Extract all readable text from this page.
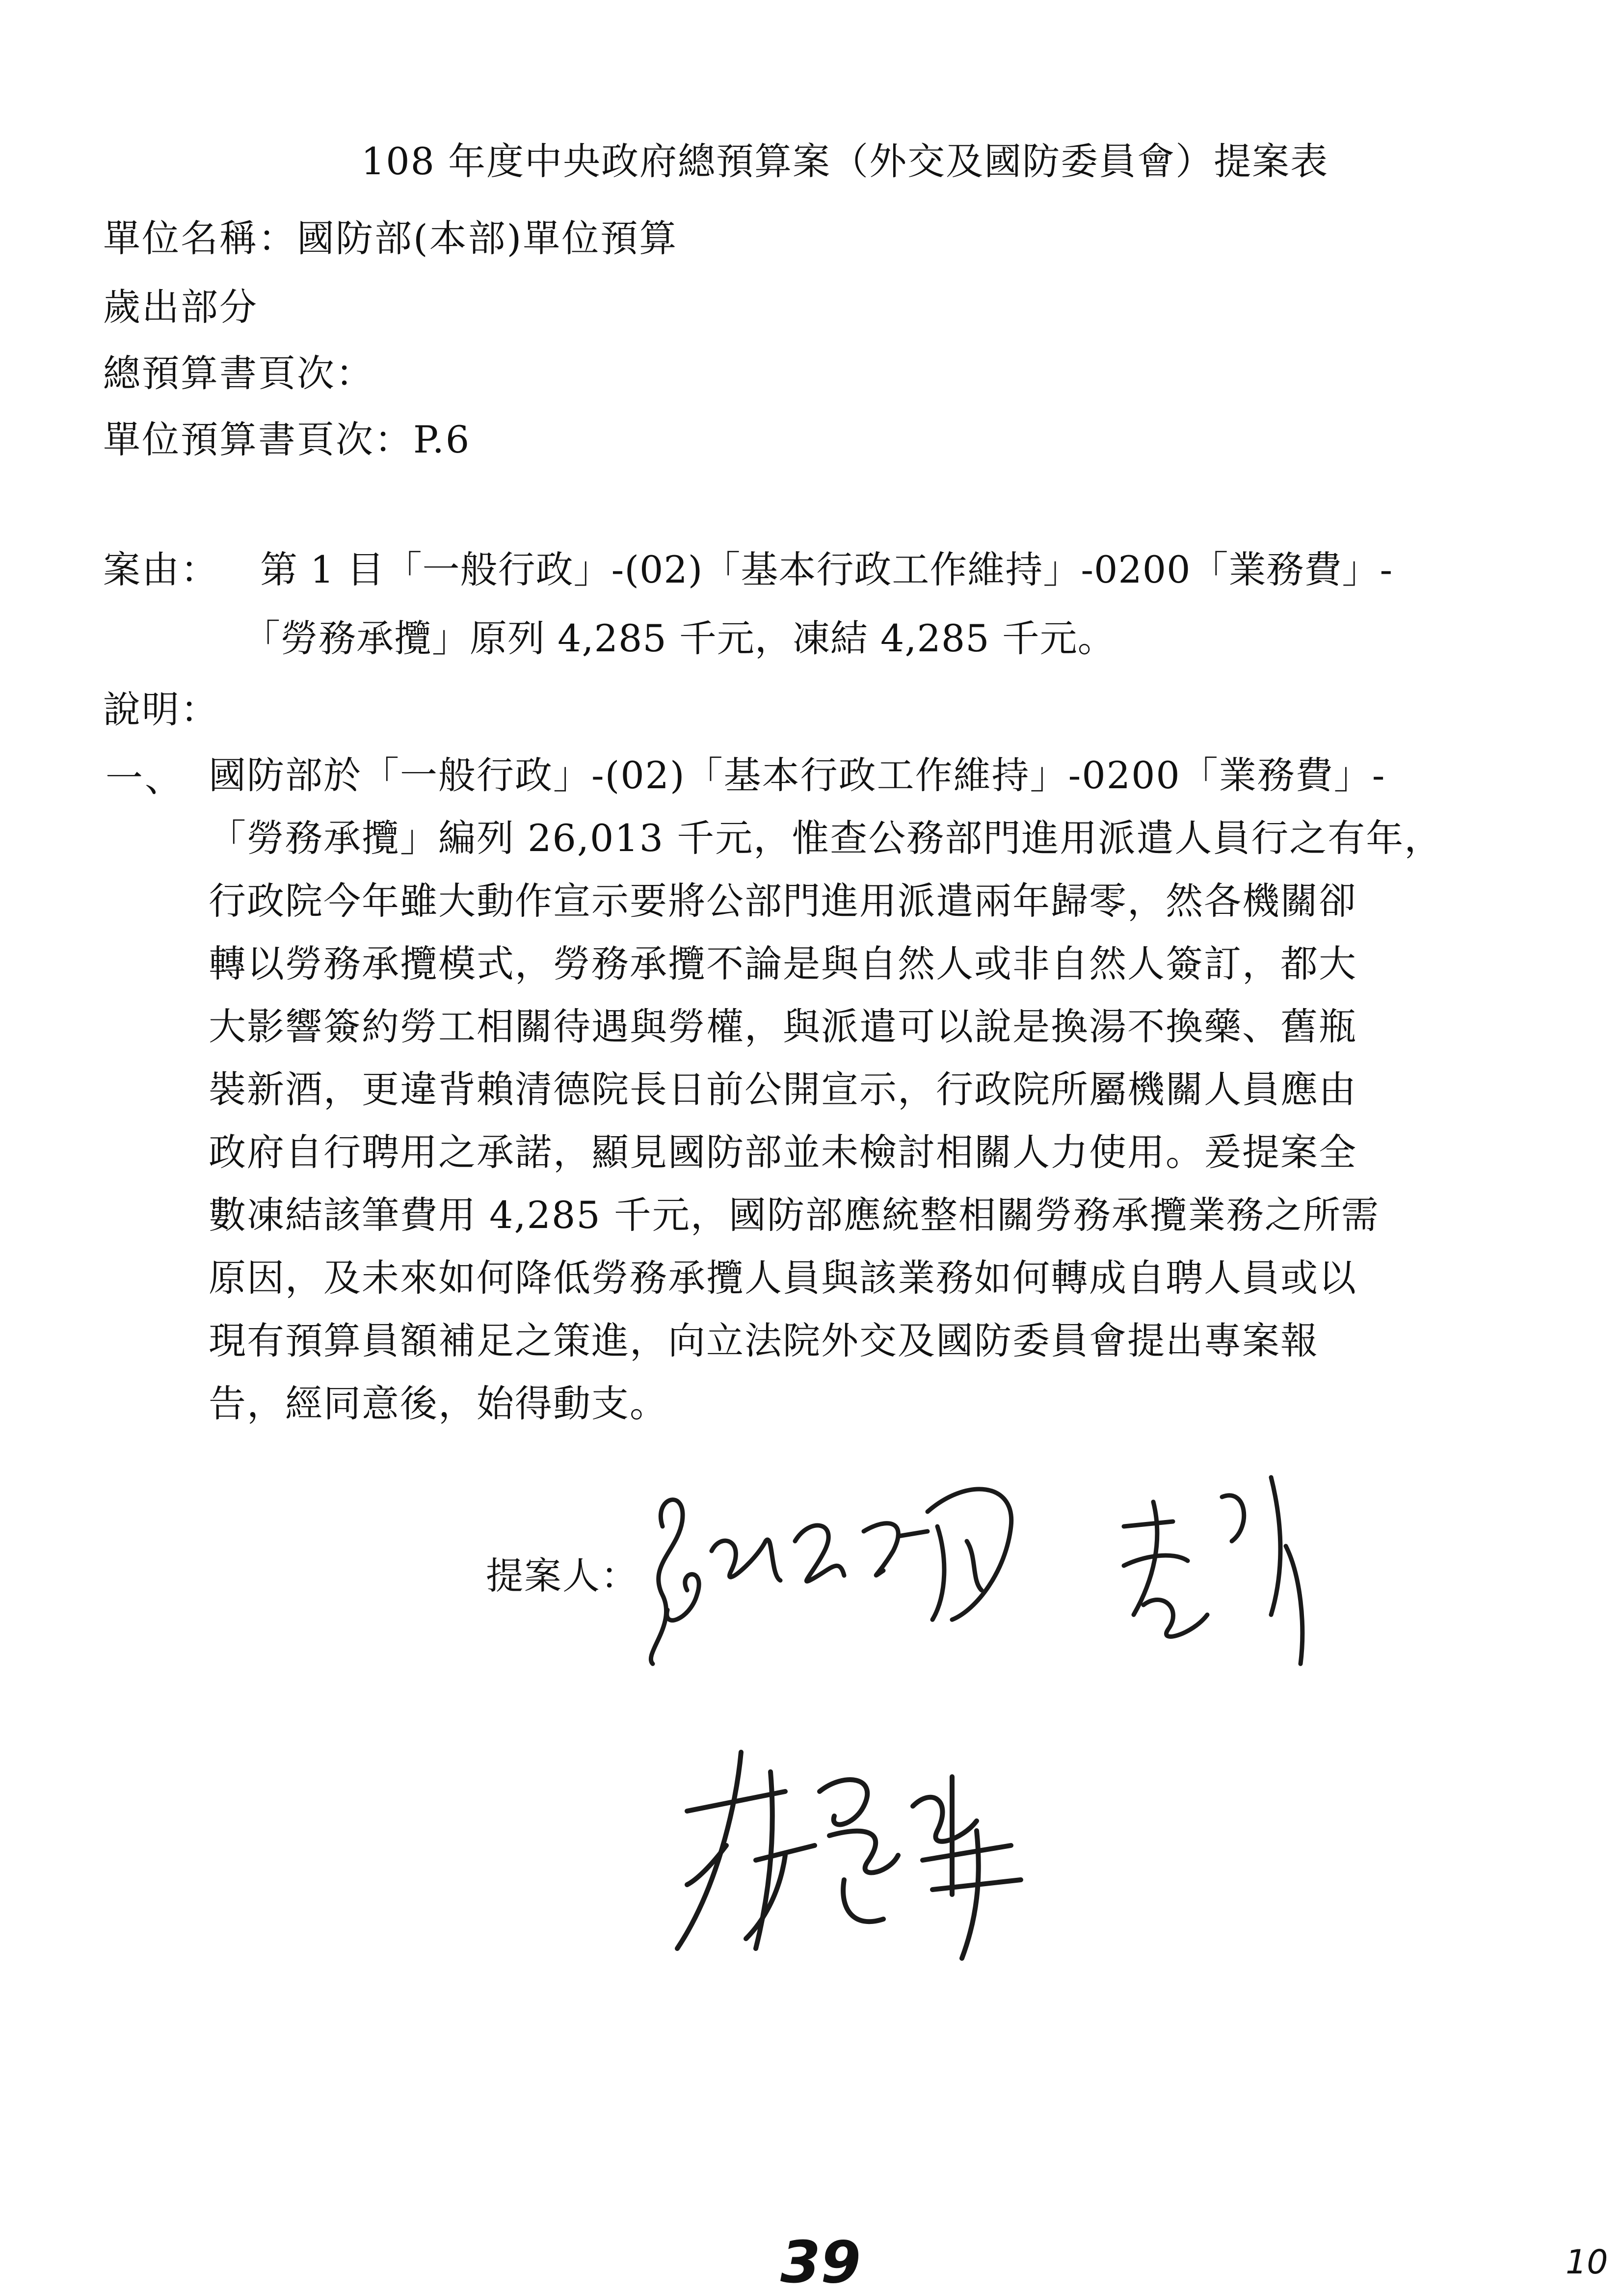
108 年度中央政府總預算案（外交及國防委員會）提案表
單位名稱：國防部(本部)單位預算
歲出部分
總預算書頁次：
單位預算書頁次：P.6
案由： 第 1 目「一般行政」-(02)「基本行政工作維持」-0200「業務費」-
「勞務承攬」原列 4,285 千元，凍結 4,285 千元。
說明：
一、 國防部於「一般行政」-(02)「基本行政工作維持」-0200「業務費」-
「勞務承攬」編列 26,013 千元，惟查公務部門進用派遣人員行之有年，
行政院今年雖大動作宣示要將公部門進用派遣兩年歸零，然各機關卻
轉以勞務承攬模式，勞務承攬不論是與自然人或非自然人簽訂，都大
大影響簽約勞工相關待遇與勞權，與派遣可以說是換湯不換藥、舊瓶
裝新酒，更違背賴清德院長日前公開宣示，行政院所屬機關人員應由
政府自行聘用之承諾，顯見國防部並未檢討相關人力使用。爰提案全
數凍結該筆費用 4,285 千元，國防部應統整相關勞務承攬業務之所需
原因，及未來如何降低勞務承攬人員與該業務如何轉成自聘人員或以
現有預算員額補足之策進，向立法院外交及國防委員會提出專案報
告，經同意後，始得動支。
提案人：
39	10
